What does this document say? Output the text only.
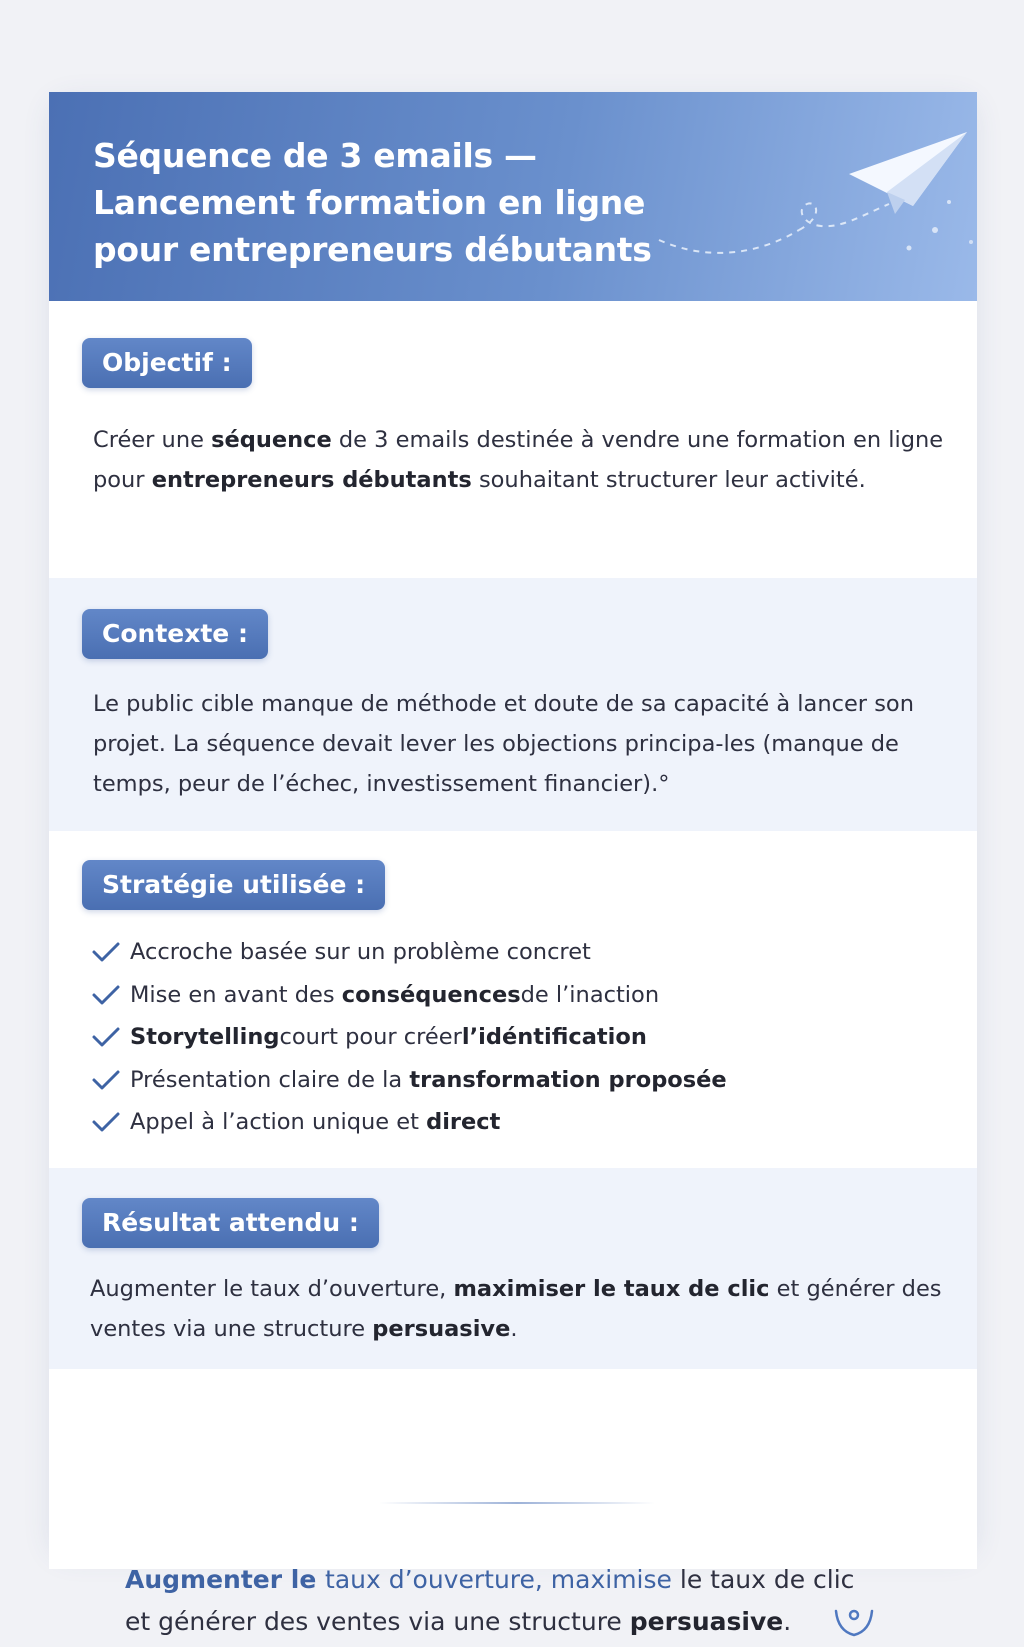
Séquence de 3 emails —
Lancement formation en ligne
pour entrepreneurs débutants
Objectif :
Créer une séquence de 3 emails destinée à vendre une formation en ligne pour entrepreneurs débutants souhaitant structurer leur activité.
Contexte :
Le public cible manque de méthode et doute de sa capacité à lancer son projet. La séquence devait lever les objections principa-les (manque de temps, peur de l’échec, investissement financier).°
Stratégie utilisée :
Accroche basée sur un problème concret
Mise en avant des
conséquences de l’inaction
Storytelling court pour créer l’idéntification
Présentation claire de la
transformation proposée
Appel à l’action unique et
direct
Résultat attendu :
Augmenter le taux d’ouverture, maximiser le taux de clic et générer des ventes via une structure persuasive.
Augmenter le taux d’ouverture, maximise le taux de clic
et générer des ventes via une structure persuasive.
